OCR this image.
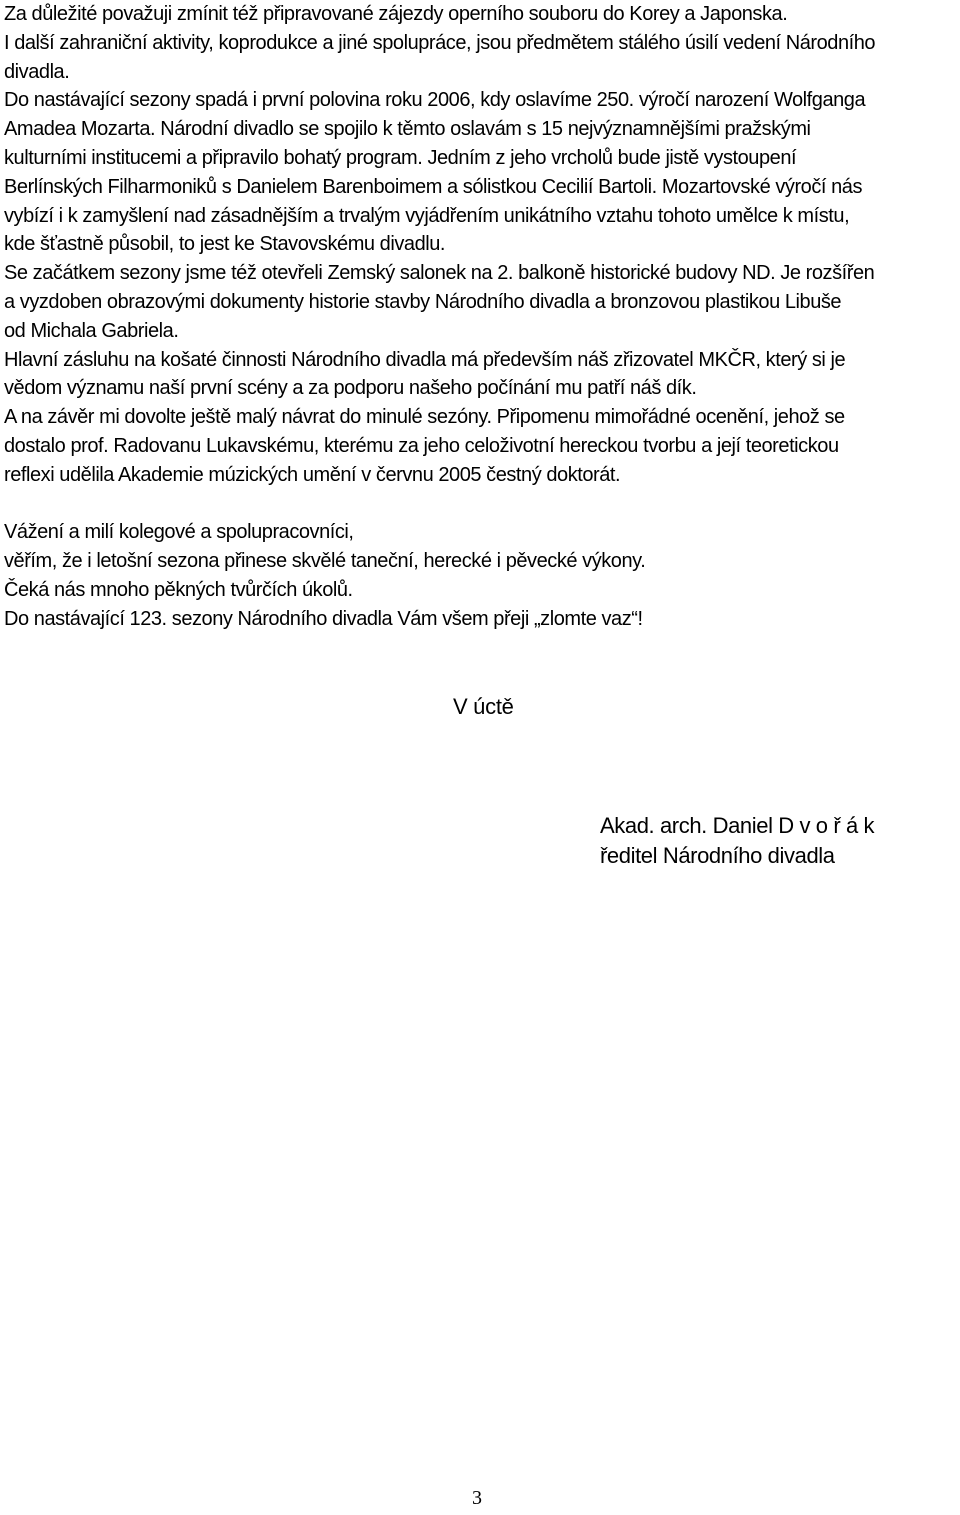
Za důležité považuji zmínit též připravované zájezdy operního souboru do Korey a Japonska.
I další zahraniční aktivity, koprodukce a jiné spolupráce, jsou předmětem stálého úsilí vedení Národního
divadla.
Do nastávající sezony spadá i první polovina roku 2006, kdy oslavíme 250. výročí narození Wolfganga
Amadea Mozarta. Národní divadlo se spojilo k těmto oslavám s 15 nejvýznamnějšími pražskými
kulturními institucemi a připravilo bohatý program. Jedním z jeho vrcholů bude jistě vystoupení
Berlínských Filharmoniků s Danielem Barenboimem a sólistkou Cecilií Bartoli. Mozartovské výročí nás
vybízí i k zamyšlení nad zásadnějším a trvalým vyjádřením unikátního vztahu tohoto umělce k místu,
kde šťastně působil, to jest ke Stavovskému divadlu.
Se začátkem sezony jsme též otevřeli Zemský salonek na 2. balkoně historické budovy ND. Je rozšířen
a vyzdoben obrazovými dokumenty historie stavby Národního divadla a bronzovou plastikou Libuše
od Michala Gabriela.
Hlavní zásluhu na košaté činnosti Národního divadla má především náš zřizovatel MKČR, který si je
vědom významu naší první scény a za podporu našeho počínání mu patří náš dík.
A na závěr mi dovolte ještě malý návrat do minulé sezóny. Připomenu mimořádné ocenění, jehož se
dostalo prof. Radovanu Lukavskému, kterému za jeho celoživotní hereckou tvorbu a její teoretickou
reflexi udělila Akademie múzických umění v červnu 2005 čestný doktorát.
Vážení a milí kolegové a spolupracovníci,
věřím, že i letošní sezona přinese skvělé taneční, herecké i pěvecké výkony.
Čeká nás mnoho pěkných tvůrčích úkolů.
Do nastávající 123. sezony Národního divadla Vám všem přeji „zlomte vaz“!
V úctě
Akad. arch. Daniel D v o ř á k
ředitel Národního divadla
3
